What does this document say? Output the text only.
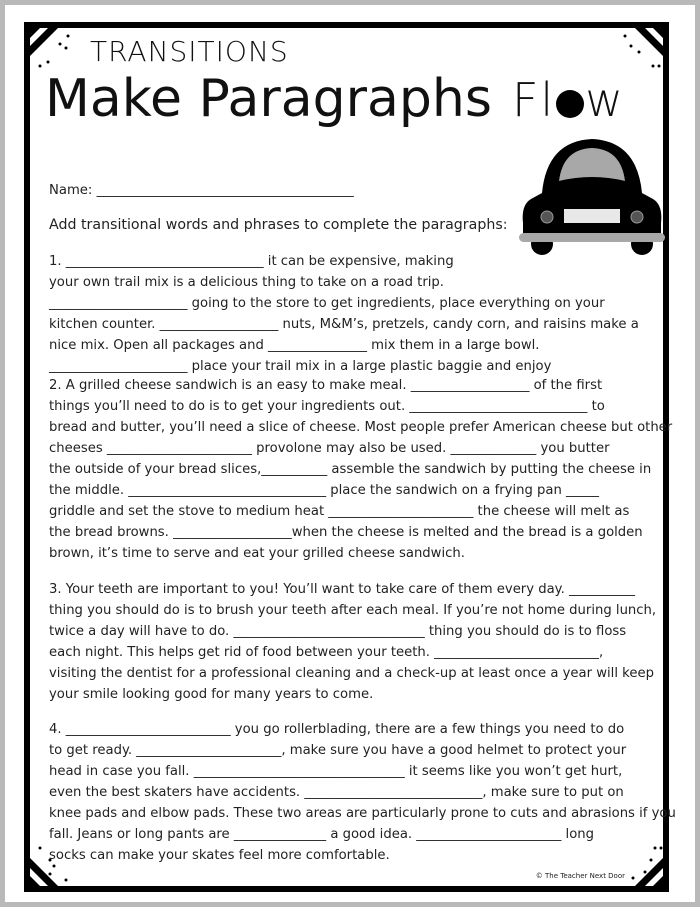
TRANSITIONS
Make Paragraphs Fl w
Name: _______________________________________
Add transitional words and phrases to complete the paragraphs:
1. ______________________________ it can be expensive, making
your own trail mix is a delicious thing to take on a road trip.
_____________________ going to the store to get ingredients, place everything on your
kitchen counter. __________________ nuts, M&M’s, pretzels, candy corn, and raisins make a
nice mix. Open all packages and _______________ mix them in a large bowl.
_____________________ place your trail mix in a large plastic baggie and enjoy
2. A grilled cheese sandwich is an easy to make meal. __________________ of the first
things you’ll need to do is to get your ingredients out. ___________________________ to
bread and butter, you’ll need a slice of cheese. Most people prefer American cheese but other
cheeses ______________________ provolone may also be used. _____________ you butter
the outside of your bread slices,__________ assemble the sandwich by putting the cheese in
the middle. ______________________________ place the sandwich on a frying pan _____
griddle and set the stove to medium heat ______________________ the cheese will melt as
the bread browns. __________________when the cheese is melted and the bread is a golden
brown, it’s time to serve and eat your grilled cheese sandwich.
3. Your teeth are important to you! You’ll want to take care of them every day. __________
thing you should do is to brush your teeth after each meal. If you’re not home during lunch,
twice a day will have to do. _____________________________ thing you should do is to floss
each night. This helps get rid of food between your teeth. _________________________,
visiting the dentist for a professional cleaning and a check-up at least once a year will keep
your smile looking good for many years to come.
4. _________________________ you go rollerblading, there are a few things you need to do
to get ready. ______________________, make sure you have a good helmet to protect your
head in case you fall. ________________________________ it seems like you won’t get hurt,
even the best skaters have accidents. ___________________________, make sure to put on
knee pads and elbow pads. These two areas are particularly prone to cuts and abrasions if you
fall. Jeans or long pants are ______________ a good idea. ______________________ long
socks can make your skates feel more comfortable.
© The Teacher Next Door
